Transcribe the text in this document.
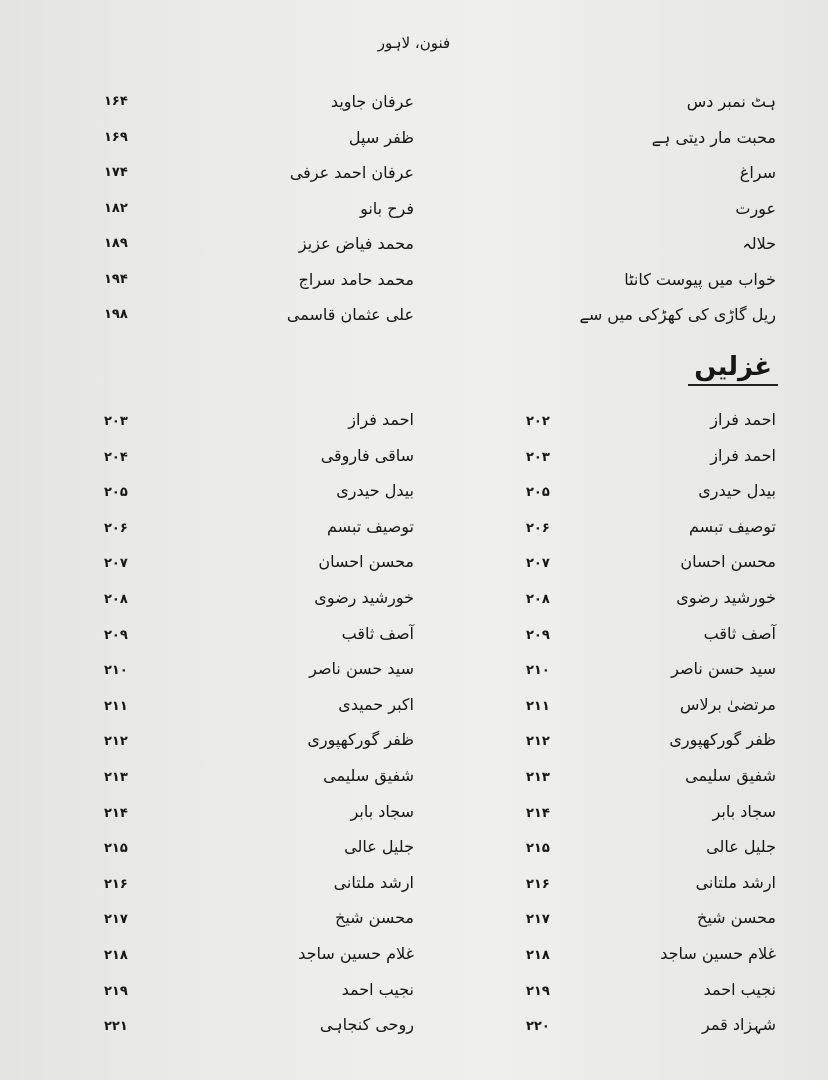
فنون، لاہور
ہٹ نمبر دس
عرفان جاوید
۱۶۴
محبت مار دیتی ہے
ظفر سپل
۱۶۹
سراغ
عرفان احمد عرفی
۱۷۴
عورت
فرح بانو
۱۸۲
حلالہ
محمد فیاض عزیز
۱۸۹
خواب میں پیوست کانٹا
محمد حامد سراج
۱۹۴
ریل گاڑی کی کھڑکی میں سے
علی عثمان قاسمی
۱۹۸
غزلیں
احمد فراز
۲۰۲
احمد فراز
۲۰۳
بیدل حیدری
۲۰۵
توصیف تبسم
۲۰۶
محسن احسان
۲۰۷
خورشید رضوی
۲۰۸
آصف ثاقب
۲۰۹
سید حسن ناصر
۲۱۰
مرتضیٰ برلاس
۲۱۱
ظفر گورکھپوری
۲۱۲
شفیق سلیمی
۲۱۳
سجاد بابر
۲۱۴
جلیل عالی
۲۱۵
ارشد ملتانی
۲۱۶
محسن شیخ
۲۱۷
غلام حسین ساجد
۲۱۸
نجیب احمد
۲۱۹
شہزاد قمر
۲۲۰
احمد فراز
۲۰۳
ساقی فاروقی
۲۰۴
بیدل حیدری
۲۰۵
توصیف تبسم
۲۰۶
محسن احسان
۲۰۷
خورشید رضوی
۲۰۸
آصف ثاقب
۲۰۹
سید حسن ناصر
۲۱۰
اکبر حمیدی
۲۱۱
ظفر گورکھپوری
۲۱۲
شفیق سلیمی
۲۱۳
سجاد بابر
۲۱۴
جلیل عالی
۲۱۵
ارشد ملتانی
۲۱۶
محسن شیخ
۲۱۷
غلام حسین ساجد
۲۱۸
نجیب احمد
۲۱۹
روحی کنجاہی
۲۲۱
